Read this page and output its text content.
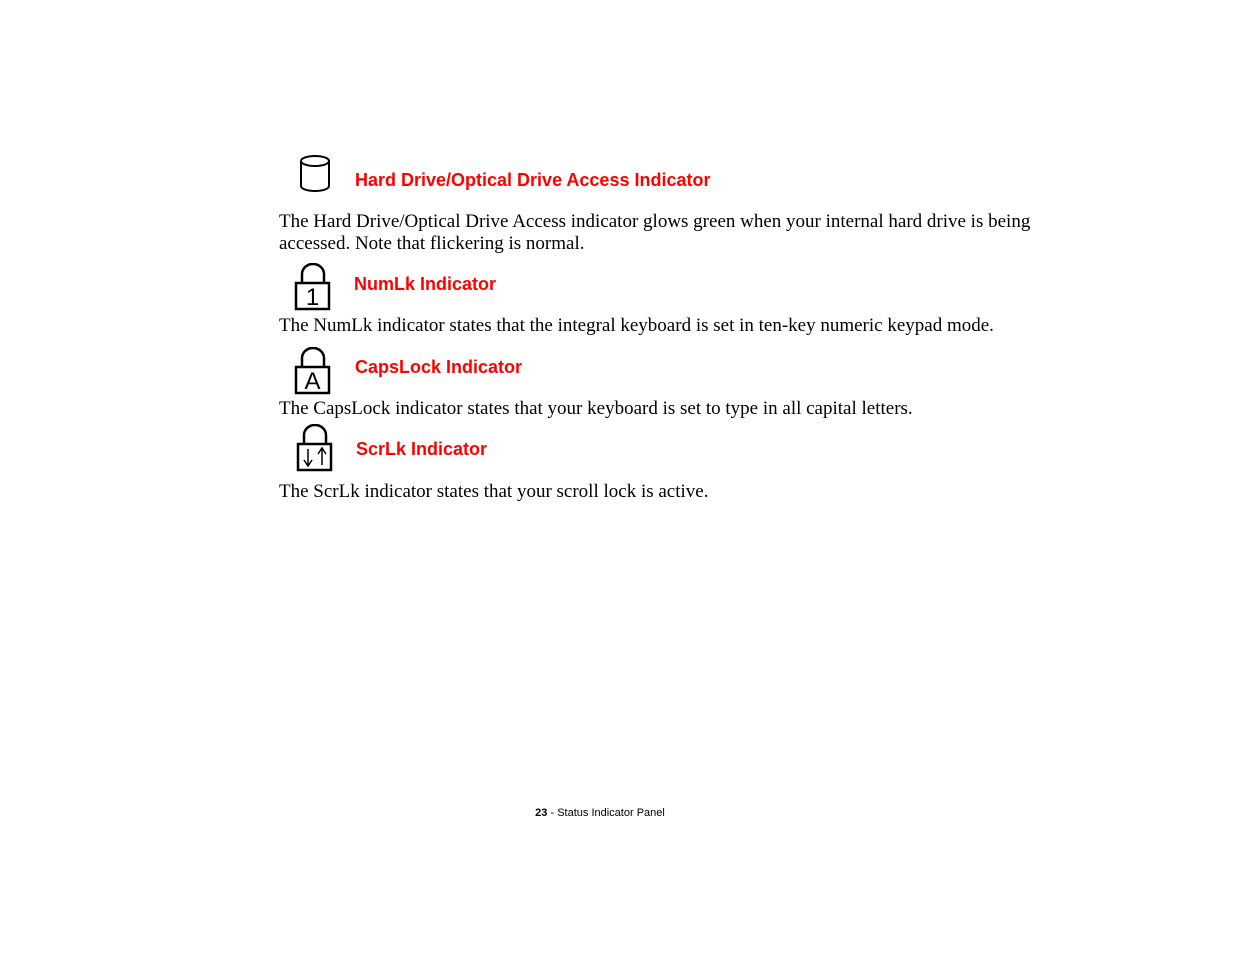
Hard Drive/Optical Drive Access Indicator
The Hard Drive/Optical Drive Access indicator glows green when your internal hard drive is being accessed. Note that flickering is normal.
1 NumLk Indicator
The NumLk indicator states that the integral keyboard is set in ten-key numeric keypad mode.
A
CapsLock Indicator
The CapsLock indicator states that your keyboard is set to type in all capital letters.
ScrLk Indicator
The ScrLk indicator states that your scroll lock is active.
23 - Status Indicator Panel
